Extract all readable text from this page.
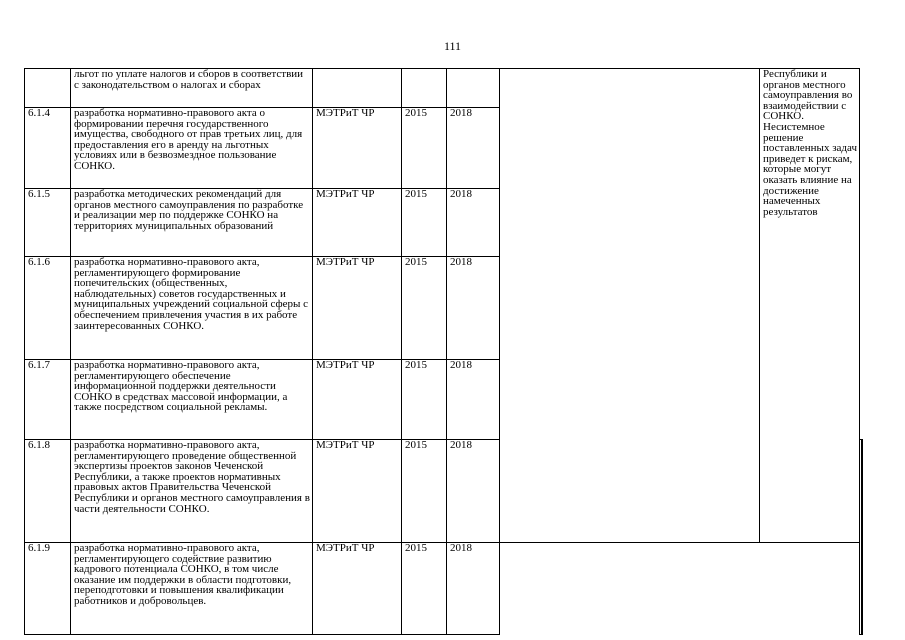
111
	льгот по уплате налогов и сборов в соответствии с законодательством о налогах и сборах					Республики и органов местного самоуправления во взаимодействии с СОНКО. Несистемное решение поставленных задач приведет к рискам, которые могут оказать влияние на достижение намеченных результатов		
6.1.4	разработка нормативно-правового акта о формировании перечня государственного имущества, свободного от прав третьих лиц, для предоставления его в аренду на льготных условиях или в безвозмездное пользование СОНКО.	МЭТРиТ ЧР	2015	2018				
6.1.5	разработка методических рекомендаций для органов местного самоуправления по разработке и реализации мер по поддержке СОНКО на территориях муниципальных образований	МЭТРиТ ЧР	2015	2018				
6.1.6	разработка нормативно-правового акта, регламентирующего формирование попечительских (общественных, наблюдательных) советов государственных и муниципальных учреждений социальной сферы с обеспечением привлечения участия в их работе заинтересованных СОНКО.	МЭТРиТ ЧР	2015	2018				
6.1.7	разработка нормативно-правового акта, регламентирующего обеспечение информационной поддержки деятельности СОНКО в средствах массовой информации, а также посредством социальной рекламы.	МЭТРиТ ЧР	2015	2018				
6.1.8	разработка нормативно-правового акта, регламентирующего проведение общественной экспертизы проектов законов Чеченской Республики, а также проектов нормативных правовых актов Правительства Чеченской Республики и органов местного самоуправления в части деятельности СОНКО.	МЭТРиТ ЧР	2015	2018				
6.1.9	разработка нормативно-правового акта, регламентирующего содействие развитию кадрового потенциала СОНКО, в том числе оказание им поддержки в области подготовки, переподготовки и повышения квалификации работников и добровольцев.	МЭТРиТ ЧР	2015	2018				
